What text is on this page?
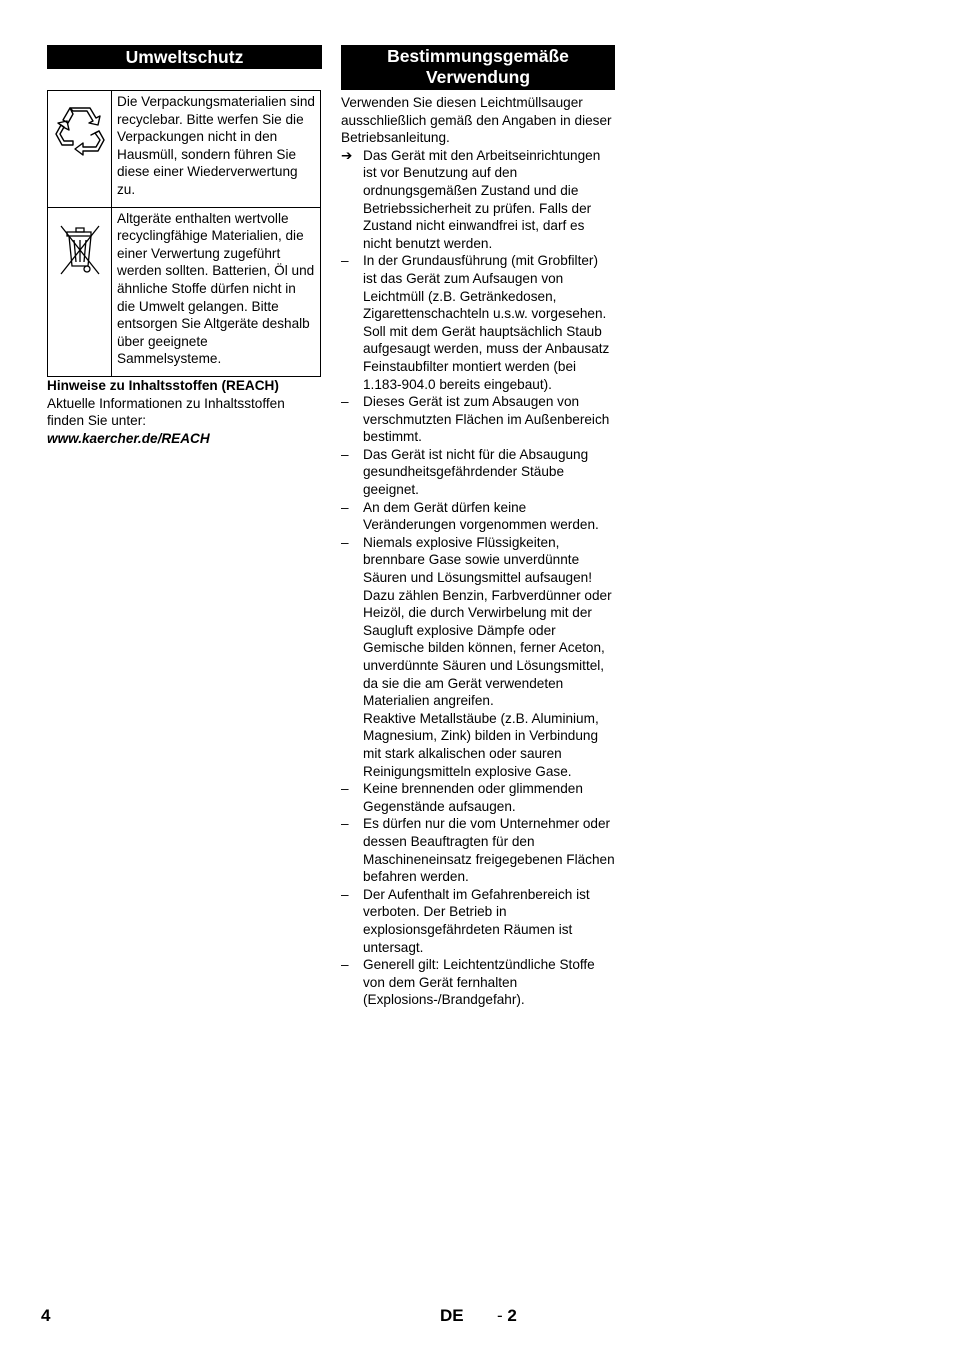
Umweltschutz
	Die Verpackungsmaterialien sind recyclebar. Bitte werfen Sie die Verpackungen nicht in den Hausmüll, sondern führen Sie diese einer Wiederverwertung zu.

	Altgeräte enthalten wertvolle recyclingfähige Materialien, die einer Verwertung zugeführt werden sollten. Batterien, Öl und ähnliche Stoffe dürfen nicht in die Umwelt gelangen. Bitte entsorgen Sie Altgeräte deshalb über geeignete Sammelsysteme.
Hinweise zu Inhaltsstoffen (REACH)

Aktuelle Informationen zu Inhaltsstoffen finden Sie unter:

www.kaercher.de/REACH
Bestimmungsgemäße
Verwendung
Verwenden Sie diesen Leichtmüllsauger ausschließlich gemäß den Angaben in dieser Betriebsanleitung.
➔ Das Gerät mit den Arbeitseinrichtungen ist vor Benutzung auf den ordnungsgemäßen Zustand und die Betriebssicherheit zu prüfen. Falls der Zustand nicht einwandfrei ist, darf es nicht benutzt werden.
–	In der Grundausführung (mit Grobfilter) ist das Gerät zum Aufsaugen von Leichtmüll (z.B. Getränkedosen, Zigarettenschachteln u.s.w. vorgesehen. Soll mit dem Gerät hauptsächlich Staub aufgesaugt werden, muss der Anbausatz Feinstaubfilter montiert werden (bei 1.183-904.0 bereits eingebaut).
–	Dieses Gerät ist zum Absaugen von verschmutzten Flächen im Außenbereich bestimmt.
–	Das Gerät ist nicht für die Absaugung gesundheitsgefährdender Stäube geeignet.
–	An dem Gerät dürfen keine Veränderungen vorgenommen werden.
–	Niemals explosive Flüssigkeiten, brennbare Gase sowie unverdünnte Säuren und Lösungsmittel aufsaugen! Dazu zählen Benzin, Farbverdünner oder Heizöl, die durch Verwirbelung mit der Saugluft explosive Dämpfe oder Gemische bilden können, ferner Aceton, unverdünnte Säuren und Lösungsmittel, da sie die am Gerät verwendeten Materialien angreifen.
Reaktive Metallstäube (z.B. Aluminium, Magnesium, Zink) bilden in Verbindung mit stark alkalischen oder sauren Reinigungsmitteln explosive Gase.
–	Keine brennenden oder glimmenden Gegenstände aufsaugen.
–	Es dürfen nur die vom Unternehmer oder dessen Beauftragten für den Maschineneinsatz freigegebenen Flächen befahren werden.
–	Der Aufenthalt im Gefahrenbereich ist verboten. Der Betrieb in explosionsgefährdeten Räumen ist untersagt.
–	Generell gilt: Leichtentzündliche Stoffe von dem Gerät fernhalten (Explosions-/Brandgefahr).
4	DE - 2
